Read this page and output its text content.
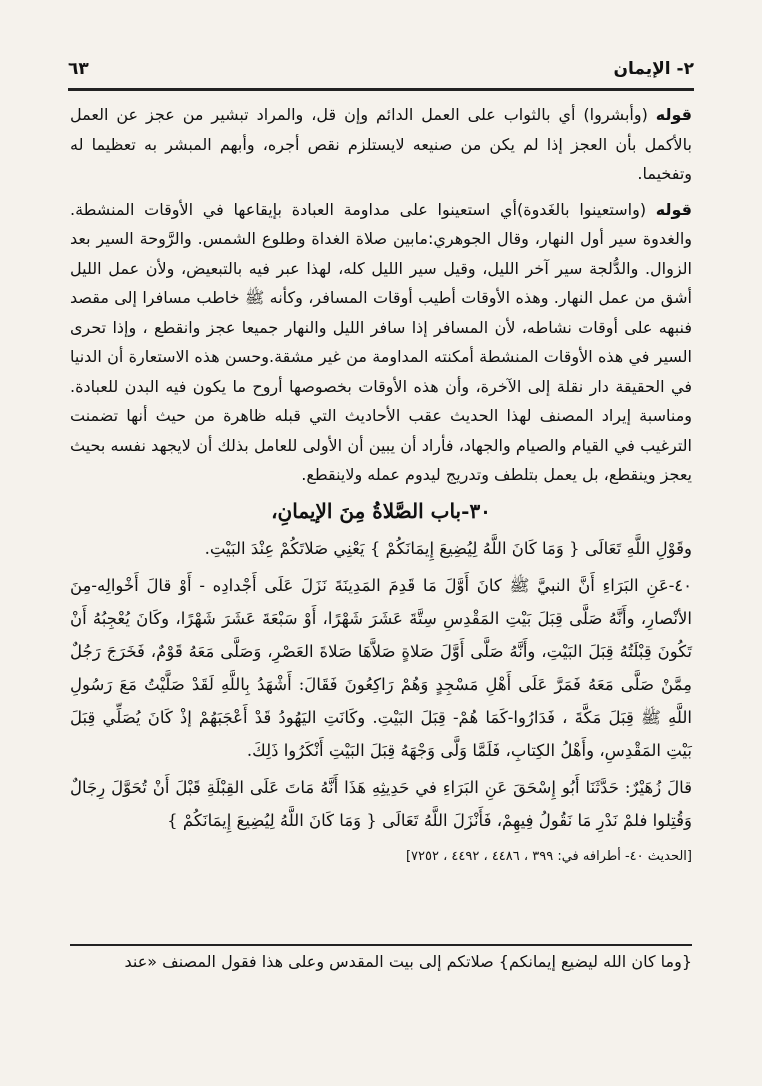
٢- الإيمان
٦٣

قوله (وأبشروا) أي بالثواب على العمل الدائم وإن قل، والمراد تبشير من عجز عن العمل بالأكمل بأن العجز إذا لم يكن من صنيعه لايستلزم نقص أجره، وأبهم المبشر به تعظيما له وتفخيما.

قوله (واستعينوا بالغَدوة)أي استعينوا على مداومة العبادة بإيقاعها في الأوقات المنشطة. والغدوة سير أول النهار، وقال الجوهري:مابين صلاة الغداة وطلوع الشمس. والرَّوحة السير بعد الزوال. والدُّلجة سير آخر الليل، وقيل سير الليل كله، لهذا عبر فيه بالتبعيض، ولأن عمل الليل أشق من عمل النهار. وهذه الأوقات أطيب أوقات المسافر، وكأنه ﷺ خاطب مسافرا إلى مقصد فنبهه على أوقات نشاطه، لأن المسافر إذا سافر الليل والنهار جميعا عجز وانقطع ، وإذا تحرى السير في هذه الأوقات المنشطة أمكنته المداومة من غير مشقة.وحسن هذه الاستعارة أن الدنيا في الحقيقة دار نقلة إلى الآخرة، وأن هذه الأوقات بخصوصها أروح ما يكون فيه البدن للعبادة. ومناسبة إيراد المصنف لهذا الحديث عقب الأحاديث التي قبله ظاهرة من حيث أنها تضمنت الترغيب في القيام والصيام والجهاد، فأراد أن يبين أن الأولى للعامل بذلك أن لايجهد نفسه بحيث يعجز وينقطع، بل يعمل بتلطف وتدريج ليدوم عمله ولاينقطع.

٣٠-باب الصَّلاةُ مِنَ الإيمانِ،

وقَوْلِ اللَّهِ تَعَالَى { وَمَا كَانَ اللَّهُ لِيُضِيعَ إِيمَانَكُمْ } يَعْنِي صَلاتَكُمْ عِنْدَ البَيْتِ.

٤٠-عَنِ البَرَاءِ أَنَّ النبيَّ ﷺ كانَ أَوَّلَ مَا قَدِمَ المَدِينَةَ نَزَلَ عَلَى أَجْدادِه - أَوْ قالَ أَخْوالِه-مِنَ الأنْصارِ، وأَنَّهُ صَلَّى قِبَلَ بَيْتِ المَقْدِسِ سِتَّةَ عَشَرَ شَهْرًا، أَوْ سَبْعَةَ عَشَرَ شَهْرًا، وكَانَ يُعْجِبُهُ أَنْ تَكُونَ قِبْلَتُهُ قِبَلَ البَيْتِ، وأَنَّهُ صَلَّى أَوَّلَ صَلاةٍ صَلاَّهَا صَلاةَ العَصْرِ، وَصَلَّى مَعَهُ قَوْمٌ، فَخَرَجَ رَجُلٌ مِمَّنْ صَلَّى مَعَهُ فَمَرَّ عَلَى أَهْلِ مَسْجِدٍ وَهُمْ رَاكِعُونَ فَقَالَ: أَشْهَدُ بِاللَّهِ لَقَدْ صَلَّيْتُ مَعَ رَسُولِ اللَّهِ ﷺ قِبَلَ مَكَّةَ ، فَدَارُوا-كَمَا هُمْ- قِبَلَ البَيْتِ. وكَانَتِ اليَهُودُ قَدْ أَعْجَبَهُمْ إذْ كَانَ يُصَلِّي قِبَلَ بَيْتِ المَقْدِسِ، وأَهْلُ الكِتابِ، فَلَمَّا وَلَّى وَجْهَهُ قِبَلَ البَيْتِ أَنْكَرُوا ذَلِكَ.

قالَ زُهَيْرٌ: حَدَّثَنَا أَبُو إِسْحَقَ عَنِ البَرَاءِ في حَدِيثِهِ هَذَا أَنَّهُ مَاتَ عَلَى القِبْلَةِ قَبْلَ أَنْ تُحَوَّلَ رِجَالٌ وَقُتِلوا فلمْ نَدْرِ مَا نَقُولُ فِيهِمْ، فَأَنْزَلَ اللَّهُ تَعَالَى { وَمَا كَانَ اللَّهُ لِيُضِيعَ إِيمَانَكُمْ }

[الحديث ٤٠- أطرافه في: ٣٩٩ ، ٤٤٨٦ ، ٤٤٩٢ ، ٧٢٥٢]

{وما كان الله ليضيع إيمانكم} صلاتكم إلى بيت المقدس وعلى هذا فقول المصنف «عند
